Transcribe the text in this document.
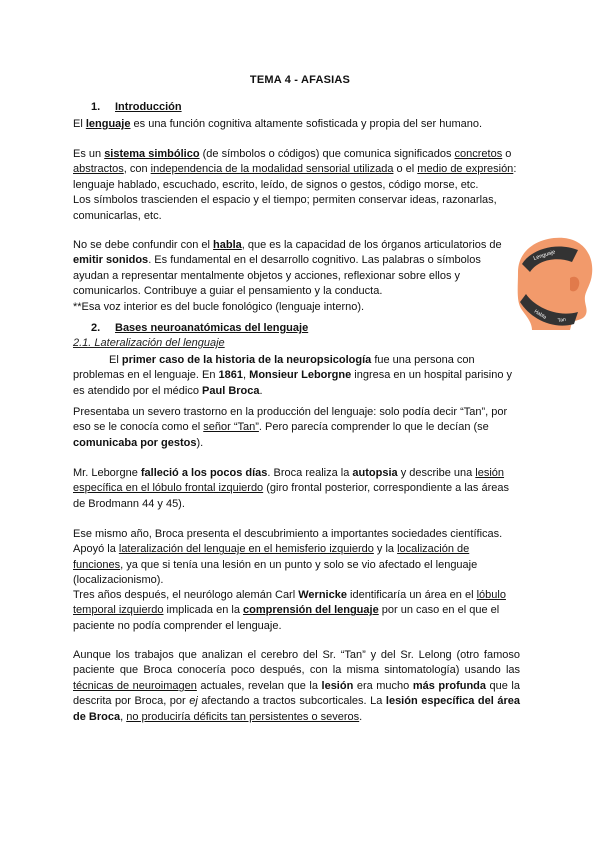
TEMA 4 - AFASIAS
1. Introducción

El lenguaje es una función cognitiva altamente sofisticada y propia del ser humano.

Es un sistema simbólico (de símbolos o códigos) que comunica significados concretos o abstractos, con independencia de la modalidad sensorial utilizada o el medio de expresión: lenguaje hablado, escuchado, escrito, leído, de signos o gestos, código morse, etc.
Los símbolos trascienden el espacio y el tiempo; permiten conservar ideas, razonarlas, comunicarlas, etc.

No se debe confundir con el habla, que es la capacidad de los órganos articulatorios de emitir sonidos. Es fundamental en el desarrollo cognitivo. Las palabras o símbolos ayudan a representar mentalmente objetos y acciones, reflexionar sobre ellos y comunicarlos. Contribuye a guiar el pensamiento y la conducta.
**Esa voz interior es del bucle fonológico (lenguaje interno).

Lenguaje
Habla Tan
2. Bases neuroanatómicas del lenguaje
2.1. Lateralización del lenguaje

El primer caso de la historia de la neuropsicología fue una persona con problemas en el lenguaje. En 1861, Monsieur Leborgne ingresa en un hospital parisino y es atendido por el médico Paul Broca.

Presentaba un severo trastorno en la producción del lenguaje: solo podía decir “Tan”, por eso se le conocía como el señor “Tan”. Pero parecía comprender lo que le decían (se comunicaba por gestos).

Mr. Leborgne falleció a los pocos días. Broca realiza la autopsia y describe una lesión específica en el lóbulo frontal izquierdo (giro frontal posterior, correspondiente a las áreas de Brodmann 44 y 45).

Ese mismo año, Broca presenta el descubrimiento a importantes sociedades científicas. Apoyó la lateralización del lenguaje en el hemisferio izquierdo y la localización de funciones, ya que si tenía una lesión en un punto y solo se vio afectado el lenguaje (localizacionismo).

Tres años después, el neurólogo alemán Carl Wernicke identificaría un área en el lóbulo temporal izquierdo implicada en la comprensión del lenguaje por un caso en el que el paciente no podía comprender el lenguaje.

Aunque los trabajos que analizan el cerebro del Sr. “Tan” y del Sr. Lelong (otro famoso paciente que Broca conocería poco después, con la misma sintomatología) usando las técnicas de neuroimagen actuales, revelan que la lesión era mucho más profunda que la descrita por Broca, por ej afectando a tractos subcorticales. La lesión específica del área de Broca, no produciría déficits tan persistentes o severos.
